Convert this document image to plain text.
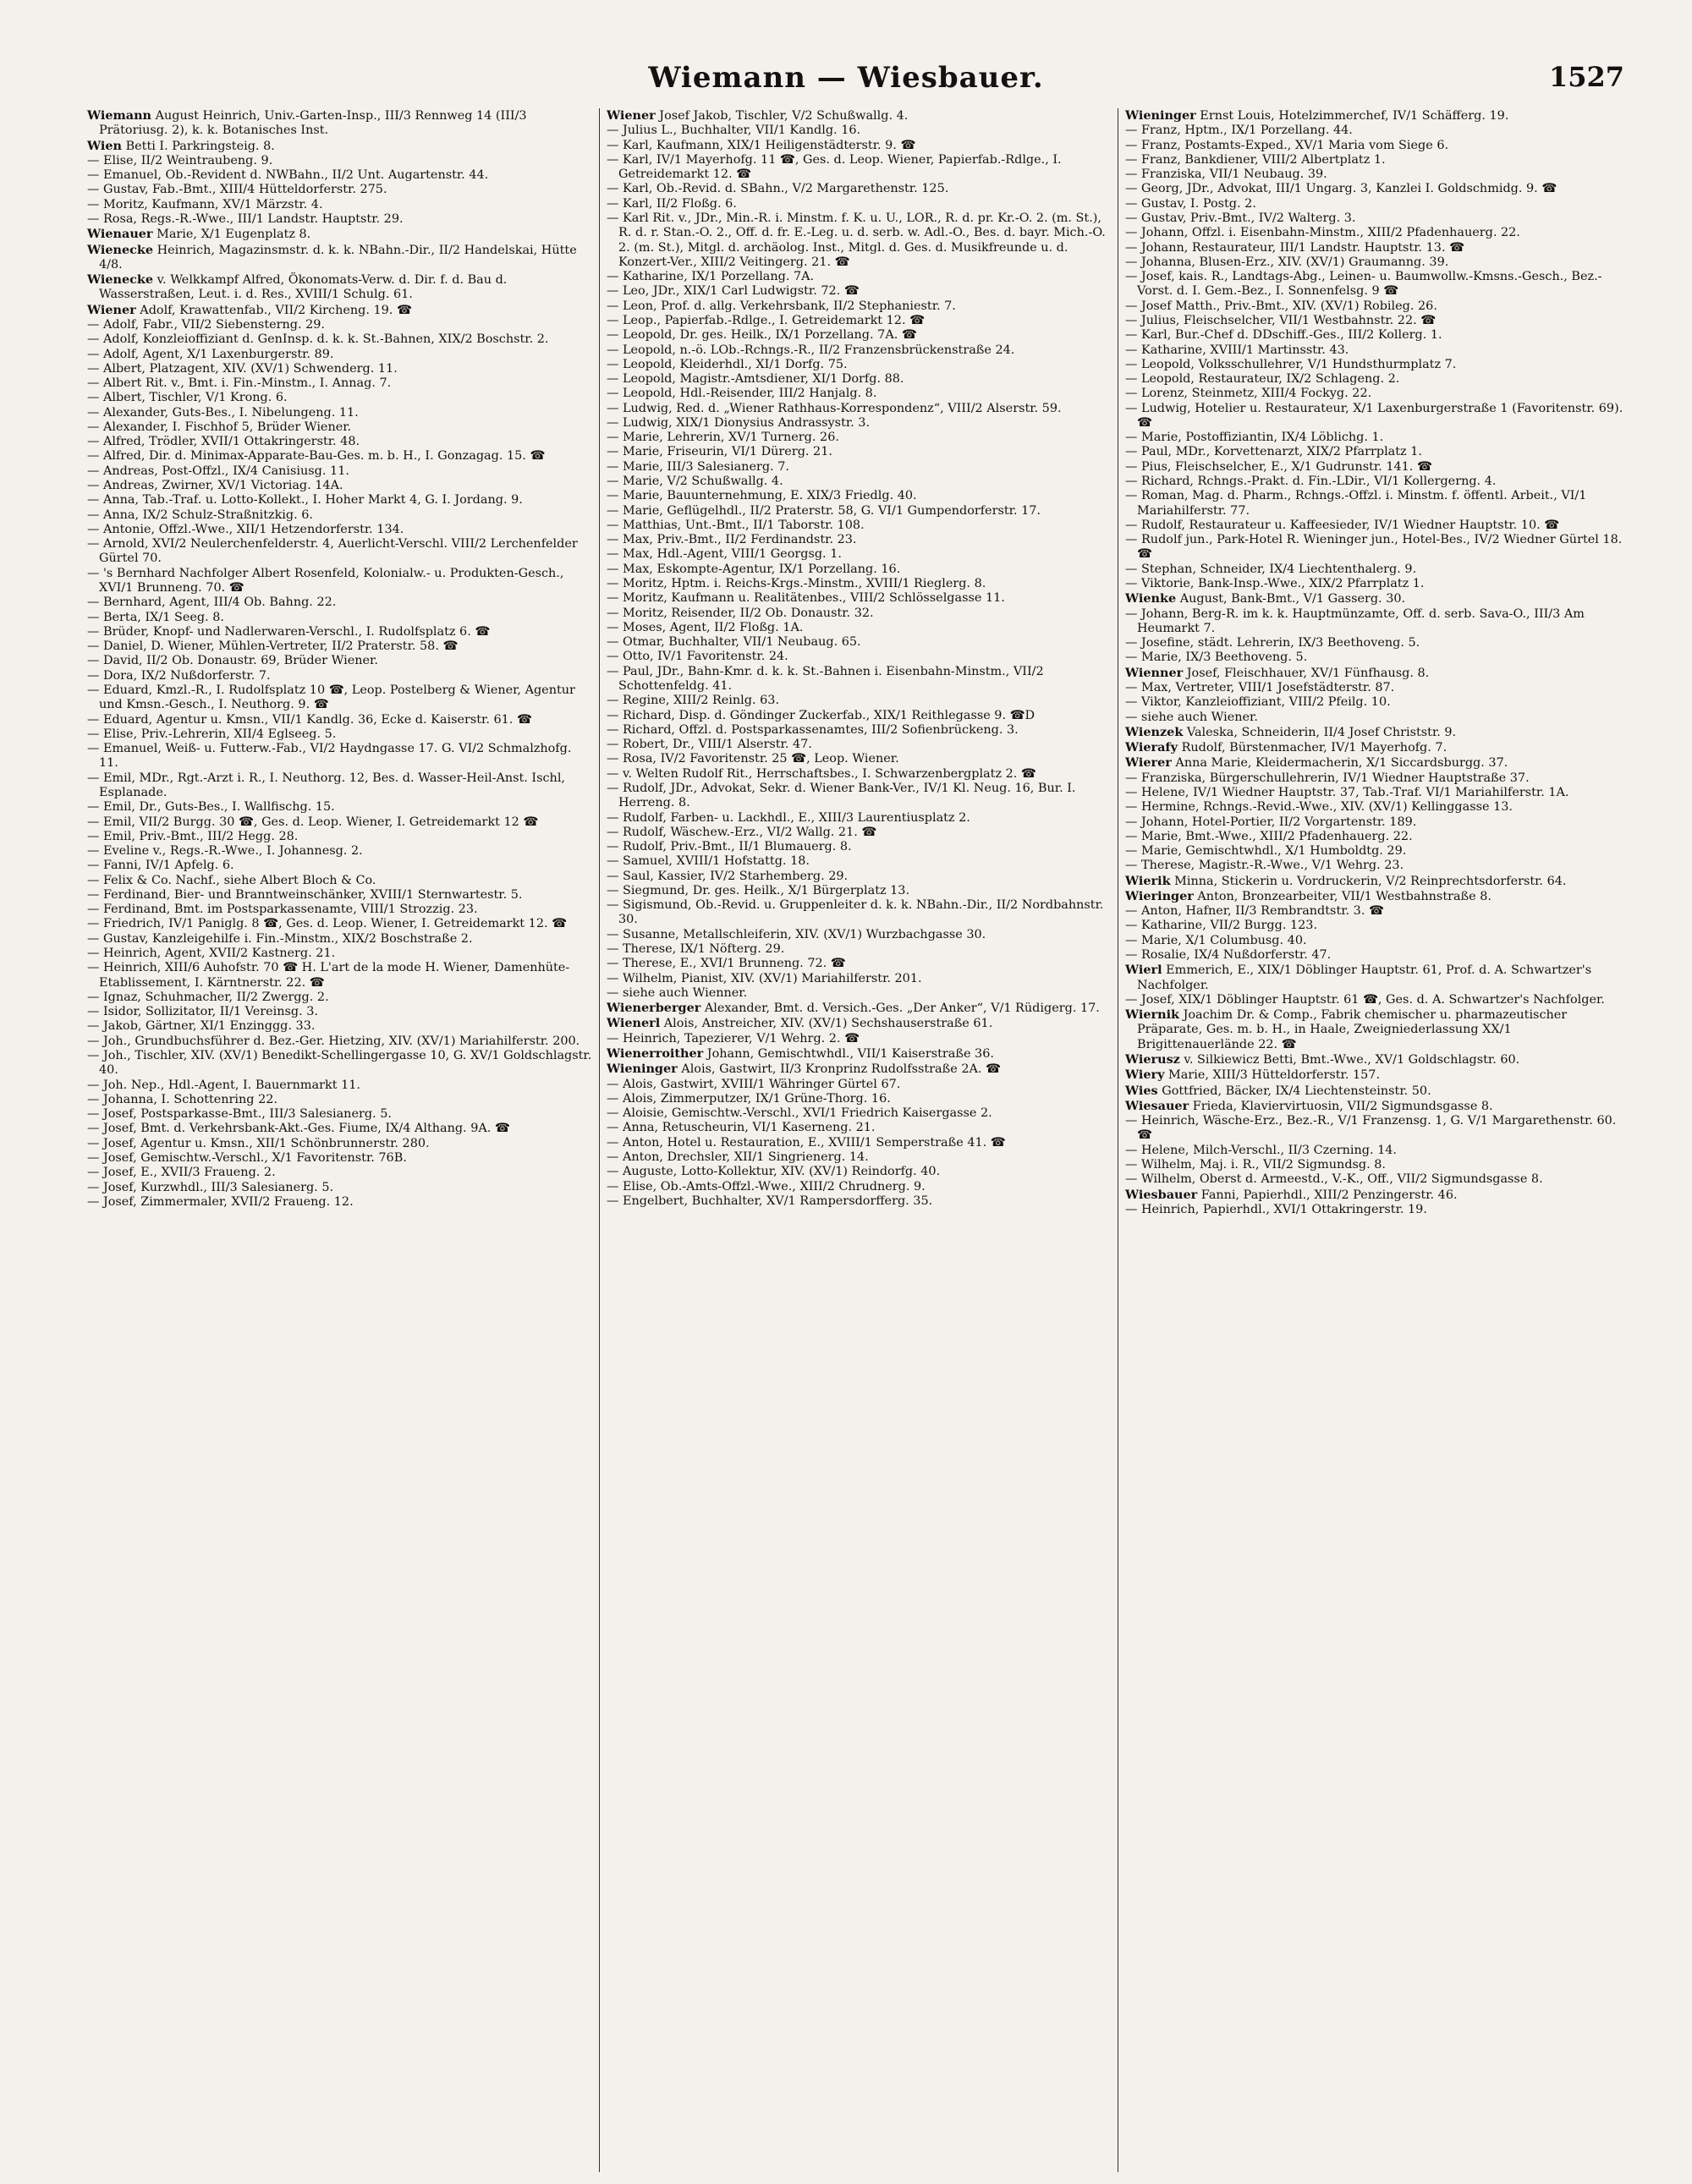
Wiemann — Wiesbauer.	1527

Wiemann August Heinrich, Univ.-Garten-Insp., III/3 Rennweg 14 (III/3 Prätoriusg. 2), k. k. Botanisches Inst.

Wien Betti I. Parkringsteig. 8.

— Elise, II/2 Weintraubeng. 9.

— Emanuel, Ob.-Revident d. NWBahn., II/2 Unt. Augartenstr. 44.

— Gustav, Fab.-Bmt., XIII/4 Hütteldorferstr. 275.

— Moritz, Kaufmann, XV/1 Märzstr. 4.

— Rosa, Regs.-R.-Wwe., III/1 Landstr. Hauptstr. 29.

Wienauer Marie, X/1 Eugenplatz 8.

Wienecke Heinrich, Magazinsmstr. d. k. k. NBahn.-Dir., II/2 Handelskai, Hütte 4/8.

Wienecke v. Welkkampf Alfred, Ökonomats-Verw. d. Dir. f. d. Bau d. Wasserstraßen, Leut. i. d. Res., XVIII/1 Schulg. 61.

Wiener Adolf, Krawattenfab., VII/2 Kircheng. 19. ☎

— Adolf, Fabr., VII/2 Siebensterng. 29.

— Adolf, Konzleioffiziant d. GenInsp. d. k. k. St.-Bahnen, XIX/2 Boschstr. 2.

— Adolf, Agent, X/1 Laxenburgerstr. 89.

— Albert, Platzagent, XIV. (XV/1) Schwenderg. 11.

— Albert Rit. v., Bmt. i. Fin.-Minstm., I. Annag. 7.

— Albert, Tischler, V/1 Krong. 6.

— Alexander, Guts-Bes., I. Nibelungeng. 11.

— Alexander, I. Fischhof 5, Brüder Wiener.

— Alfred, Trödler, XVII/1 Ottakringerstr. 48.

— Alfred, Dir. d. Minimax-Apparate-Bau-Ges. m. b. H., I. Gonzagag. 15. ☎

— Andreas, Post-Offzl., IX/4 Canisiusg. 11.

— Andreas, Zwirner, XV/1 Victoriag. 14A.

— Anna, Tab.-Traf. u. Lotto-Kollekt., I. Hoher Markt 4, G. I. Jordang. 9.

— Anna, IX/2 Schulz-Straßnitzkig. 6.

— Antonie, Offzl.-Wwe., XII/1 Hetzendorferstr. 134.

— Arnold, XVI/2 Neulerchenfelderstr. 4, Auerlicht-Verschl. VIII/2 Lerchenfelder Gürtel 70.

— 's Bernhard Nachfolger Albert Rosenfeld, Kolonialw.- u. Produkten-Gesch., XVI/1 Brunneng. 70. ☎

— Bernhard, Agent, III/4 Ob. Bahng. 22.

— Berta, IX/1 Seeg. 8.

— Brüder, Knopf- und Nadlerwaren-Verschl., I. Rudolfsplatz 6. ☎

— Daniel, D. Wiener, Mühlen-Vertreter, II/2 Praterstr. 58. ☎

— David, II/2 Ob. Donaustr. 69, Brüder Wiener.

— Dora, IX/2 Nußdorferstr. 7.

— Eduard, Kmzl.-R., I. Rudolfsplatz 10 ☎, Leop. Postelberg & Wiener, Agentur und Kmsn.-Gesch., I. Neuthorg. 9. ☎

— Eduard, Agentur u. Kmsn., VII/1 Kandlg. 36, Ecke d. Kaiserstr. 61. ☎

— Elise, Priv.-Lehrerin, XII/4 Eglseeg. 5.

— Emanuel, Weiß- u. Futterw.-Fab., VI/2 Haydngasse 17. G. VI/2 Schmalzhofg. 11.

— Emil, MDr., Rgt.-Arzt i. R., I. Neuthorg. 12, Bes. d. Wasser-Heil-Anst. Ischl, Esplanade.

— Emil, Dr., Guts-Bes., I. Wallfischg. 15.

— Emil, VII/2 Burgg. 30 ☎, Ges. d. Leop. Wiener, I. Getreidemarkt 12 ☎

— Emil, Priv.-Bmt., III/2 Hegg. 28.

— Eveline v., Regs.-R.-Wwe., I. Johannesg. 2.

— Fanni, IV/1 Apfelg. 6.

— Felix & Co. Nachf., siehe Albert Bloch & Co.

— Ferdinand, Bier- und Branntweinschänker, XVIII/1 Sternwartestr. 5.

— Ferdinand, Bmt. im Postsparkassenamte, VIII/1 Strozzig. 23.

— Friedrich, IV/1 Paniglg. 8 ☎, Ges. d. Leop. Wiener, I. Getreidemarkt 12. ☎

— Gustav, Kanzleigehilfe i. Fin.-Minstm., XIX/2 Boschstraße 2.

— Heinrich, Agent, XVII/2 Kastnerg. 21.

— Heinrich, XIII/6 Auhofstr. 70 ☎ H. L'art de la mode H. Wiener, Damenhüte-Etablissement, I. Kärntnerstr. 22. ☎

— Ignaz, Schuhmacher, II/2 Zwergg. 2.

— Isidor, Sollizitator, II/1 Vereinsg. 3.

— Jakob, Gärtner, XI/1 Enzinggg. 33.

— Joh., Grundbuchsführer d. Bez.-Ger. Hietzing, XIV. (XV/1) Mariahilferstr. 200.

— Joh., Tischler, XIV. (XV/1) Benedikt-Schellingergasse 10, G. XV/1 Goldschlagstr. 40.

— Joh. Nep., Hdl.-Agent, I. Bauernmarkt 11.

— Johanna, I. Schottenring 22.

— Josef, Postsparkasse-Bmt., III/3 Salesianerg. 5.

— Josef, Bmt. d. Verkehrsbank-Akt.-Ges. Fiume, IX/4 Althang. 9A. ☎

— Josef, Agentur u. Kmsn., XII/1 Schönbrunnerstr. 280.

— Josef, Gemischtw.-Verschl., X/1 Favoritenstr. 76B.

— Josef, E., XVII/3 Fraueng. 2.

— Josef, Kurzwhdl., III/3 Salesianerg. 5.

— Josef, Zimmermaler, XVII/2 Fraueng. 12.

Wiener Josef Jakob, Tischler, V/2 Schußwallg. 4.

— Julius L., Buchhalter, VII/1 Kandlg. 16.

— Karl, Kaufmann, XIX/1 Heiligenstädterstr. 9. ☎

— Karl, IV/1 Mayerhofg. 11 ☎, Ges. d. Leop. Wiener, Papierfab.-Rdlge., I. Getreidemarkt 12. ☎

— Karl, Ob.-Revid. d. SBahn., V/2 Margarethenstr. 125.

— Karl, II/2 Floßg. 6.

— Karl Rit. v., JDr., Min.-R. i. Minstm. f. K. u. U., LOR., R. d. pr. Kr.-O. 2. (m. St.), R. d. r. Stan.-O. 2., Off. d. fr. E.-Leg. u. d. serb. w. Adl.-O., Bes. d. bayr. Mich.-O. 2. (m. St.), Mitgl. d. archäolog. Inst., Mitgl. d. Ges. d. Musikfreunde u. d. Konzert-Ver., XIII/2 Veitingerg. 21. ☎

— Katharine, IX/1 Porzellang. 7A.

— Leo, JDr., XIX/1 Carl Ludwigstr. 72. ☎

— Leon, Prof. d. allg. Verkehrsbank, II/2 Stephaniestr. 7.

— Leop., Papierfab.-Rdlge., I. Getreidemarkt 12. ☎

— Leopold, Dr. ges. Heilk., IX/1 Porzellang. 7A. ☎

— Leopold, n.-ö. LOb.-Rchngs.-R., II/2 Franzensbrückenstraße 24.

— Leopold, Kleiderhdl., XI/1 Dorfg. 75.

— Leopold, Magistr.-Amtsdiener, XI/1 Dorfg. 88.

— Leopold, Hdl.-Reisender, III/2 Hanjalg. 8.

— Ludwig, Red. d. „Wiener Rathhaus-Korrespondenz“, VIII/2 Alserstr. 59.

— Ludwig, XIX/1 Dionysius Andrassystr. 3.

— Marie, Lehrerin, XV/1 Turnerg. 26.

— Marie, Friseurin, VI/1 Dürerg. 21.

— Marie, III/3 Salesianerg. 7.

— Marie, V/2 Schußwallg. 4.

— Marie, Bauunternehmung, E. XIX/3 Friedlg. 40.

— Marie, Geflügelhdl., II/2 Praterstr. 58, G. VI/1 Gumpendorferstr. 17.

— Matthias, Unt.-Bmt., II/1 Taborstr. 108.

— Max, Priv.-Bmt., II/2 Ferdinandstr. 23.

— Max, Hdl.-Agent, VIII/1 Georgsg. 1.

— Max, Eskompte-Agentur, IX/1 Porzellang. 16.

— Moritz, Hptm. i. Reichs-Krgs.-Minstm., XVIII/1 Rieglerg. 8.

— Moritz, Kaufmann u. Realitätenbes., VIII/2 Schlösselgasse 11.

— Moritz, Reisender, II/2 Ob. Donaustr. 32.

— Moses, Agent, II/2 Floßg. 1A.

— Otmar, Buchhalter, VII/1 Neubaug. 65.

— Otto, IV/1 Favoritenstr. 24.

— Paul, JDr., Bahn-Kmr. d. k. k. St.-Bahnen i. Eisenbahn-Minstm., VII/2 Schottenfeldg. 41.

— Regine, XIII/2 Reinlg. 63.

— Richard, Disp. d. Göndinger Zuckerfab., XIX/1 Reithlegasse 9. ☎D

— Richard, Offzl. d. Postsparkassenamtes, III/2 Sofienbrückeng. 3.

— Robert, Dr., VIII/1 Alserstr. 47.

— Rosa, IV/2 Favoritenstr. 25 ☎, Leop. Wiener.

— v. Welten Rudolf Rit., Herrschaftsbes., I. Schwarzenbergplatz 2. ☎

— Rudolf, JDr., Advokat, Sekr. d. Wiener Bank-Ver., IV/1 Kl. Neug. 16, Bur. I. Herreng. 8.

— Rudolf, Farben- u. Lackhdl., E., XIII/3 Laurentiusplatz 2.

— Rudolf, Wäschew.-Erz., VI/2 Wallg. 21. ☎

— Rudolf, Priv.-Bmt., II/1 Blumauerg. 8.

— Samuel, XVIII/1 Hofstattg. 18.

— Saul, Kassier, IV/2 Starhemberg. 29.

— Siegmund, Dr. ges. Heilk., X/1 Bürgerplatz 13.

— Sigismund, Ob.-Revid. u. Gruppenleiter d. k. k. NBahn.-Dir., II/2 Nordbahnstr. 30.

— Susanne, Metallschleiferin, XIV. (XV/1) Wurzbachgasse 30.

— Therese, IX/1 Nöfterg. 29.

— Therese, E., XVI/1 Brunneng. 72. ☎

— Wilhelm, Pianist, XIV. (XV/1) Mariahilferstr. 201.

— siehe auch Wienner.

Wienerberger Alexander, Bmt. d. Versich.-Ges. „Der Anker“, V/1 Rüdigerg. 17.

Wienerl Alois, Anstreicher, XIV. (XV/1) Sechshauserstraße 61.

— Heinrich, Tapezierer, V/1 Wehrg. 2. ☎

Wienerroither Johann, Gemischtwhdl., VII/1 Kaiserstraße 36.

Wieninger Alois, Gastwirt, II/3 Kronprinz Rudolfsstraße 2A. ☎

— Alois, Gastwirt, XVIII/1 Währinger Gürtel 67.

— Alois, Zimmerputzer, IX/1 Grüne-Thorg. 16.

— Aloisie, Gemischtw.-Verschl., XVI/1 Friedrich Kaisergasse 2.

— Anna, Retuscheurin, VI/1 Kaserneng. 21.

— Anton, Hotel u. Restauration, E., XVIII/1 Semperstraße 41. ☎

— Anton, Drechsler, XII/1 Singrienerg. 14.

— Auguste, Lotto-Kollektur, XIV. (XV/1) Reindorfg. 40.

— Elise, Ob.-Amts-Offzl.-Wwe., XIII/2 Chrudnerg. 9.

— Engelbert, Buchhalter, XV/1 Rampersdorfferg. 35.

Wieninger Ernst Louis, Hotelzimmerchef, IV/1 Schäfferg. 19.

— Franz, Hptm., IX/1 Porzellang. 44.

— Franz, Postamts-Exped., XV/1 Maria vom Siege 6.

— Franz, Bankdiener, VIII/2 Albertplatz 1.

— Franziska, VII/1 Neubaug. 39.

— Georg, JDr., Advokat, III/1 Ungarg. 3, Kanzlei I. Goldschmidg. 9. ☎

— Gustav, I. Postg. 2.

— Gustav, Priv.-Bmt., IV/2 Walterg. 3.

— Johann, Offzl. i. Eisenbahn-Minstm., XIII/2 Pfadenhauerg. 22.

— Johann, Restaurateur, III/1 Landstr. Hauptstr. 13. ☎

— Johanna, Blusen-Erz., XIV. (XV/1) Graumanng. 39.

— Josef, kais. R., Landtags-Abg., Leinen- u. Baumwollw.-Kmsns.-Gesch., Bez.-Vorst. d. I. Gem.-Bez., I. Sonnenfelsg. 9 ☎

— Josef Matth., Priv.-Bmt., XIV. (XV/1) Robileg. 26.

— Julius, Fleischselcher, VII/1 Westbahnstr. 22. ☎

— Karl, Bur.-Chef d. DDschiff.-Ges., III/2 Kollerg. 1.

— Katharine, XVIII/1 Martinsstr. 43.

— Leopold, Volksschullehrer, V/1 Hundsthurmplatz 7.

— Leopold, Restaurateur, IX/2 Schlageng. 2.

— Lorenz, Steinmetz, XIII/4 Fockyg. 22.

— Ludwig, Hotelier u. Restaurateur, X/1 Laxenburgerstraße 1 (Favoritenstr. 69). ☎

— Marie, Postoffiziantin, IX/4 Löblichg. 1.

— Paul, MDr., Korvettenarzt, XIX/2 Pfarrplatz 1.

— Pius, Fleischselcher, E., X/1 Gudrunstr. 141. ☎

— Richard, Rchngs.-Prakt. d. Fin.-LDir., VI/1 Kollergerng. 4.

— Roman, Mag. d. Pharm., Rchngs.-Offzl. i. Minstm. f. öffentl. Arbeit., VI/1 Mariahilferstr. 77.

— Rudolf, Restaurateur u. Kaffeesieder, IV/1 Wiedner Hauptstr. 10. ☎

— Rudolf jun., Park-Hotel R. Wieninger jun., Hotel-Bes., IV/2 Wiedner Gürtel 18. ☎

— Stephan, Schneider, IX/4 Liechtenthalerg. 9.

— Viktorie, Bank-Insp.-Wwe., XIX/2 Pfarrplatz 1.

Wienke August, Bank-Bmt., V/1 Gasserg. 30.

— Johann, Berg-R. im k. k. Hauptmünzamte, Off. d. serb. Sava-O., III/3 Am Heumarkt 7.

— Josefine, städt. Lehrerin, IX/3 Beethoveng. 5.

— Marie, IX/3 Beethoveng. 5.

Wienner Josef, Fleischhauer, XV/1 Fünfhausg. 8.

— Max, Vertreter, VIII/1 Josefstädterstr. 87.

— Viktor, Kanzleioffiziant, VIII/2 Pfeilg. 10.

— siehe auch Wiener.

Wienzek Valeska, Schneiderin, II/4 Josef Christstr. 9.

Wierafy Rudolf, Bürstenmacher, IV/1 Mayerhofg. 7.

Wierer Anna Marie, Kleidermacherin, X/1 Siccardsburgg. 37.

— Franziska, Bürgerschullehrerin, IV/1 Wiedner Hauptstraße 37.

— Helene, IV/1 Wiedner Hauptstr. 37, Tab.-Traf. VI/1 Mariahilferstr. 1A.

— Hermine, Rchngs.-Revid.-Wwe., XIV. (XV/1) Kellinggasse 13.

— Johann, Hotel-Portier, II/2 Vorgartenstr. 189.

— Marie, Bmt.-Wwe., XIII/2 Pfadenhauerg. 22.

— Marie, Gemischtwhdl., X/1 Humboldtg. 29.

— Therese, Magistr.-R.-Wwe., V/1 Wehrg. 23.

Wierik Minna, Stickerin u. Vordruckerin, V/2 Reinprechtsdorferstr. 64.

Wieringer Anton, Bronzearbeiter, VII/1 Westbahnstraße 8.

— Anton, Hafner, II/3 Rembrandtstr. 3. ☎

— Katharine, VII/2 Burgg. 123.

— Marie, X/1 Columbusg. 40.

— Rosalie, IX/4 Nußdorferstr. 47.

Wierl Emmerich, E., XIX/1 Döblinger Hauptstr. 61, Prof. d. A. Schwartzer's Nachfolger.

— Josef, XIX/1 Döblinger Hauptstr. 61 ☎, Ges. d. A. Schwartzer's Nachfolger.

Wiernik Joachim Dr. & Comp., Fabrik chemischer u. pharmazeutischer Präparate, Ges. m. b. H., in Haale, Zweigniederlassung XX/1 Brigittenauerlände 22. ☎

Wierusz v. Silkiewicz Betti, Bmt.-Wwe., XV/1 Goldschlagstr. 60.

Wiery Marie, XIII/3 Hütteldorferstr. 157.

Wies Gottfried, Bäcker, IX/4 Liechtensteinstr. 50.

Wiesauer Frieda, Klaviervirtuosin, VII/2 Sigmundsgasse 8.

— Heinrich, Wäsche-Erz., Bez.-R., V/1 Franzensg. 1, G. V/1 Margarethenstr. 60. ☎

— Helene, Milch-Verschl., II/3 Czerning. 14.

— Wilhelm, Maj. i. R., VII/2 Sigmundsg. 8.

— Wilhelm, Oberst d. Armeestd., V.-K., Off., VII/2 Sigmundsgasse 8.

Wiesbauer Fanni, Papierhdl., XIII/2 Penzingerstr. 46.

— Heinrich, Papierhdl., XVI/1 Ottakringerstr. 19.
